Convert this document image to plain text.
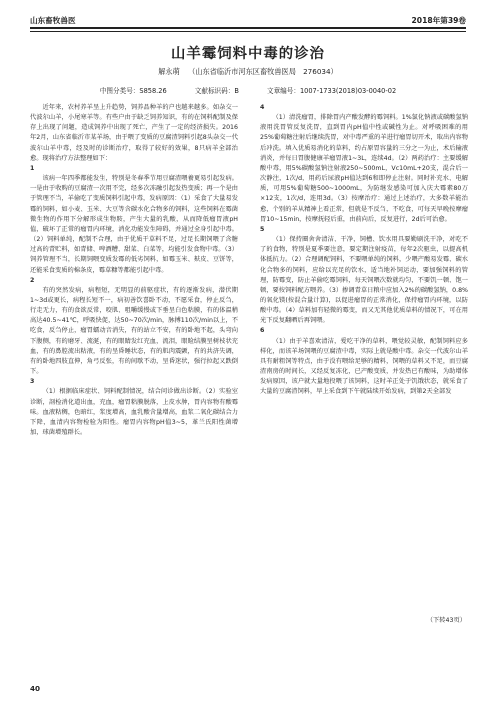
山东畜牧兽医	2018年第39卷
山羊霉饲料中毒的诊治
解永萌 （山东省临沂市河东区畜牧兽医局　276034）
中图分类号：S858.26	文献标识码：B	文章编号：1007-1733(2018)03-0040-02

近年来，农村养羊呈上升趋势，饲养品种羊的户也越来越多。如杂交一代波尔山羊，小尾寒羊等。有些户由于缺乏饲养知识，有的在饲料配制及保存上出现了问题，造成饲养中出现了死亡，产生了一定的经济损失。2016年2月，山东省临沂市某羊场，由于喂了变质的豆腐渣饲料引起8头杂交一代波尔山羊中毒，经及时的诊断治疗，取得了较好的效果，8只病羊全部治愈。现将治疗方法整理如下：

1

该病一年四季都能发生，特别是冬春季节用豆腐渣喂養更易引起发病。一是由于收购的豆腐渣一次用不完，经多次冻融引起发热变质；再一个是由于管理不当，羊偷吃了变质饲料引起中毒，发病原因：（1）采食了大量易发霉的饲料，如小麦、玉米、大豆等含碳水化合物多的饲料，这些饲料在霉菌微生物的作用下分解形成生物胺，产生大量的乳酸，从而降低瘤胃液pH值，破坏了正常的瘤胃内环境，消化功能发生障碍，并通过全身引起中毒。（2）饲料单纯，配制不合理，由于优质干草料不足，过足长期饲喂了含糖过高的青贮料，如青储、啤酒糟、甜菜、白菜等，均能引发食物中毒。（3）饲养管理不当，长期饲喂变质发霉的低劣饲料，如霉玉米、麸皮、豆饼等，还能采食变质的棉条皮，霉草糠等都能引起中毒。

2

有的突然发病，病程短，无明显的前驱症状，有的逐渐发病，潜伏期1~3d或更长，病程长短不一，病初善饮喜卧不动，不愿采食，停止反刍，行走无力，有的食欲反常，咬肌、咀嚼缓慢或下垂呈白色粘膜，有的体温稍高达40.5~41℃，呼吸快促，达50~70次/min，脉搏110次/min以上，不吃食，反刍停止，瘤胃蠕动音消失，有的站立不安，有的卧地不起，头弯向下腹侧，有的磨牙、流涎，有的眼睛发红充血，流泪，眼睑结膜呈树枝状充血，有的鼻腔流出粘液，有的呈昏睡状态，有的肌肉震颤，有的共济失调，有的卧地四肢直伸，角弓反张，有的间歇不动，呈昏迷状，强行拉起又跌倒下。

3

（1）根据临床症状、饲料配制情况，结合问诊做出诊断。（2）实验室诊断，剖检消化道出血，充血，瘤胃粘膜脱落，上皮水肿，胃内容物有酸霉味。血液粘稠，色暗红，浆度增高，血乳酸含量增高，血浆二氧化碳结合力下降，血清内容物检验为阳性。瘤胃内容物pH值3~5，革兰氏阳性菌增加，球菌增殖群长。

4

（1）清洗瘤胃，排除胃内产酸发酵的霉饲料。1%氯化钠液或碳酸氢钠液用洗胃管反复洗胃，直到胃内pH值中性或碱性为止。对呼吸困难的用25%葡萄糖注射后继续洗胃，对中毒严重的羊进行瘤胃切开术，取出内容物后冲洗。填入优质易消化的草料，约占原胃容量的三分之一为止，术后输液消炎，并每日胃腹健康羊瘤胃液1~3L，连续4d。（2）两药治疗：主要缓解酸中毒，用5%碳酸氢钠注射液250~500mL，Vc10mL+20支，混合后一次静注，1次/d，用药后尿液pH值达到6和即停止注射。同时补充水、电解质，可用5%葡萄糖500~1000mL，为防继发感染可加入庆大霉素80万×12支，1次/d，连用3d。（3）按摩治疗：通过上述治疗，大多数羊能治愈，个别的羊从精神上看正常，但就是不反刍，不吃食，可每天早晚按摩瘤胃10~15min，按摩抚轻后重，由前向后，反复进行，2d后可治愈。

5

（1）保持圈舍舍清洁、干净，饲槽、饮水用具要勤刷洗干净，对吃不了的食物，特别是夏季要注意，要定期注射疫苗，每年2次驱虫，以提高机体抵抗力。（2）合理调配饲料，不要喂单纯的饲料，少喂产酸易发霉、碳水化合物多的饲料，应给以充足的饮水，适当地补饲运动，要加强饲料的管理，防霉变，防止羊偷吃霉饲料，每天饲喂次数就均匀，不要饥一顿、饱一顿，要按饲料配方喂养。（3）掺调青草日粮中应加入2%的碳酸氢钠，0.8%的氧化镁(按混合量计算)，以促进瘤胃的正常消化，保持瘤胃内环境，以防酸中毒。（4）草料加有轻微的霉变，而又无其他优质草料的情况下，可在用光下反复翻晒后再饲喂。

6

（1）由于羊喜欢清洁，爱吃干净的草料，喂觉较灵敏，配制饲料应多样化，而该羊场饲喂的豆腐渣中毒，实际上就是酸中毒。杂交一代波尔山羊具有耐粗饲等特点，由于没有喂给足够的精料，饲喂的草料又不足，而豆腐渣南房的时间长，又经反复冻化，已产酸变质，并发热已有酸味，为助增体发病原因，该户就大量地投喂了该饲料，这时羊正处于饥饿状态，就采食了大量的豆腐渣饲料，早上采食到下午就陆续开始发病，到第2天全部发

（下转43页）
40
